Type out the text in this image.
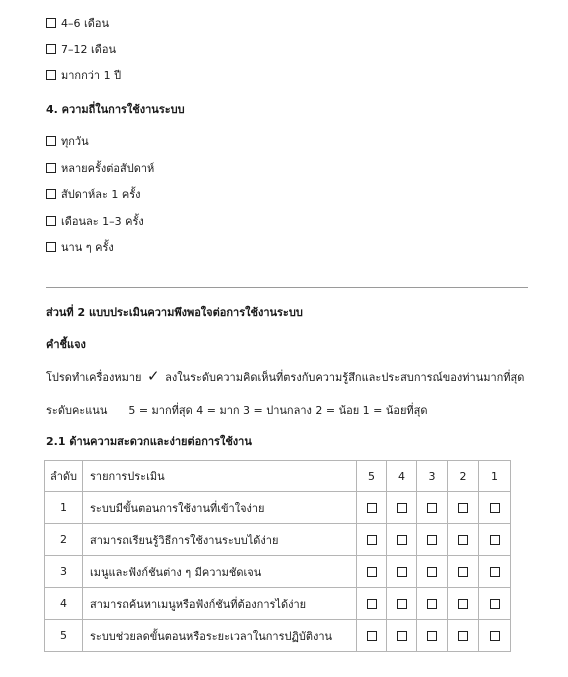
4–6 เดือน
7–12 เดือน
มากกว่า 1 ปี
4. ความถี่ในการใช้งานระบบ
ทุกวัน
หลายครั้งต่อสัปดาห์
สัปดาห์ละ 1 ครั้ง
เดือนละ 1–3 ครั้ง
นาน ๆ ครั้ง
ส่วนที่ 2 แบบประเมินความพึงพอใจต่อการใช้งานระบบ
คำชี้แจง
โปรดทำเครื่องหมาย ✓ ลงในระดับความคิดเห็นที่ตรงกับความรู้สึกและประสบการณ์ของท่านมากที่สุด
ระดับคะแนน 5 = มากที่สุด 4 = มาก 3 = ปานกลาง 2 = น้อย 1 = น้อยที่สุด
2.1 ด้านความสะดวกและง่ายต่อการใช้งาน
ลำดับ	รายการประเมิน	5	4	3	2	1
1	ระบบมีขั้นตอนการใช้งานที่เข้าใจง่าย					
2	สามารถเรียนรู้วิธีการใช้งานระบบได้ง่าย					
3	เมนูและฟังก์ชันต่าง ๆ มีความชัดเจน					
4	สามารถค้นหาเมนูหรือฟังก์ชันที่ต้องการได้ง่าย					
5	ระบบช่วยลดขั้นตอนหรือระยะเวลาในการปฏิบัติงาน					
